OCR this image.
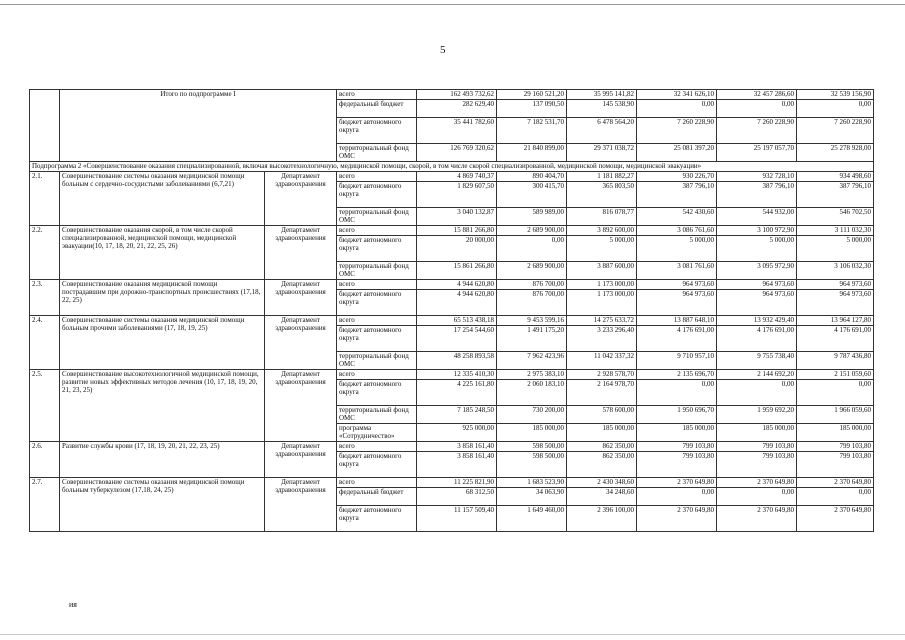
5
	Итого по подпрограмме I		всего	162 493 732,62	29 160 521,20	35 995 141,82	32 341 626,10	32 457 286,60	32 539 156,90
			федеральный бюджет	282 629,40	137 090,50	145 538,90	0,00	0,00	0,00
			бюджет автономного округа	35 441 782,60	7 182 531,70	6 478 564,20	7 260 228,90	7 260 228,90	7 260 228,90
			территориальный фонд ОМС	126 769 320,62	21 840 899,00	29 371 038,72	25 081 397,20	25 197 057,70	25 278 928,00
Подпрограмма 2 «Совершенствование оказания специализированной, включая высокотехнологичную, медицинской помощи, скорой, в том числе скорой специализированной, медицинской помощи, медицинской эвакуации»									
2.1.	Совершенствование системы оказания медицинской помощи больным с сердечно-сосудистыми заболеваниями (6,7,21)	Департамент здравоохранения	всего	4 869 740,37	890 404,70	1 181 882,27	930 226,70	932 728,10	934 498,60
			бюджет автономного округа	1 829 607,50	300 415,70	365 803,50	387 796,10	387 796,10	387 796,10
			территориальный фонд ОМС	3 040 132,87	589 989,00	816 078,77	542 430,60	544 932,00	546 702,50
2.2.	Совершенствование оказания скорой, в том числе скорой специализированной, медицинской помощи, медицинской эвакуации(10, 17, 18, 20, 21, 22, 25, 26)	Департамент здравоохранения	всего	15 881 266,80	2 689 900,00	3 892 600,00	3 086 761,60	3 100 972,90	3 111 032,30
			бюджет автономного округа	20 000,00	0,00	5 000,00	5 000,00	5 000,00	5 000,00
			территориальный фонд ОМС	15 861 266,80	2 689 900,00	3 887 600,00	3 081 761,60	3 095 972,90	3 106 032,30
2.3.	Совершенствование оказания медицинской помощи пострадавшим при дорожно-транспортных происшествиях (17,18, 22, 25)	Департамент здравоохранения	всего	4 944 620,80	876 700,00	1 173 000,00	964 973,60	964 973,60	964 973,60
			бюджет автономного округа	4 944 620,80	876 700,00	1 173 000,00	964 973,60	964 973,60	964 973,60
2.4.	Совершенствование системы оказания медицинской помощи больным прочими заболеваниями (17, 18, 19, 25)	Департамент здравоохранения	всего	65 513 438,18	9 453 599,16	14 275 633,72	13 887 648,10	13 932 429,40	13 964 127,80
			бюджет автономного округа	17 254 544,60	1 491 175,20	3 233 296,40	4 176 691,00	4 176 691,00	4 176 691,00
			территориальный фонд ОМС	48 258 893,58	7 962 423,96	11 042 337,32	9 710 957,10	9 755 738,40	9 787 436,80
2.5.	Совершенствование высокотехнологичной медицинской помощи, развитие новых эффективных методов лечения (10, 17, 18, 19, 20, 21, 23, 25)	Департамент здравоохранения	всего	12 335 410,30	2 975 383,10	2 928 578,70	2 135 696,70	2 144 692,20	2 151 059,60
			бюджет автономного округа	4 225 161,80	2 060 183,10	2 164 978,70	0,00	0,00	0,00
			территориальный фонд ОМС	7 185 248,50	730 200,00	578 600,00	1 950 696,70	1 959 692,20	1 966 059,60
			программа «Сотрудничество»	925 000,00	185 000,00	185 000,00	185 000,00	185 000,00	185 000,00
2.6.	Развитие службы крови (17, 18, 19, 20, 21, 22, 23, 25)	Департамент здравоохранения	всего	3 858 161,40	598 500,00	862 350,00	799 103,80	799 103,80	799 103,80
			бюджет автономного округа	3 858 161,40	598 500,00	862 350,00	799 103,80	799 103,80	799 103,80
2.7.	Совершенствование системы оказания медицинской помощи больным туберкулезом (17,18, 24, 25)	Департамент здравоохранения	всего	11 225 821,90	1 683 523,90	2 430 348,60	2 370 649,80	2 370 649,80	2 370 649,80
			федеральный бюджет	68 312,50	34 063,90	34 248,60	0,00	0,00	0,00
			бюджет автономного округа	11 157 509,40	1 649 460,00	2 396 100,00	2 370 649,80	2 370 649,80	2 370 649,80
ия
